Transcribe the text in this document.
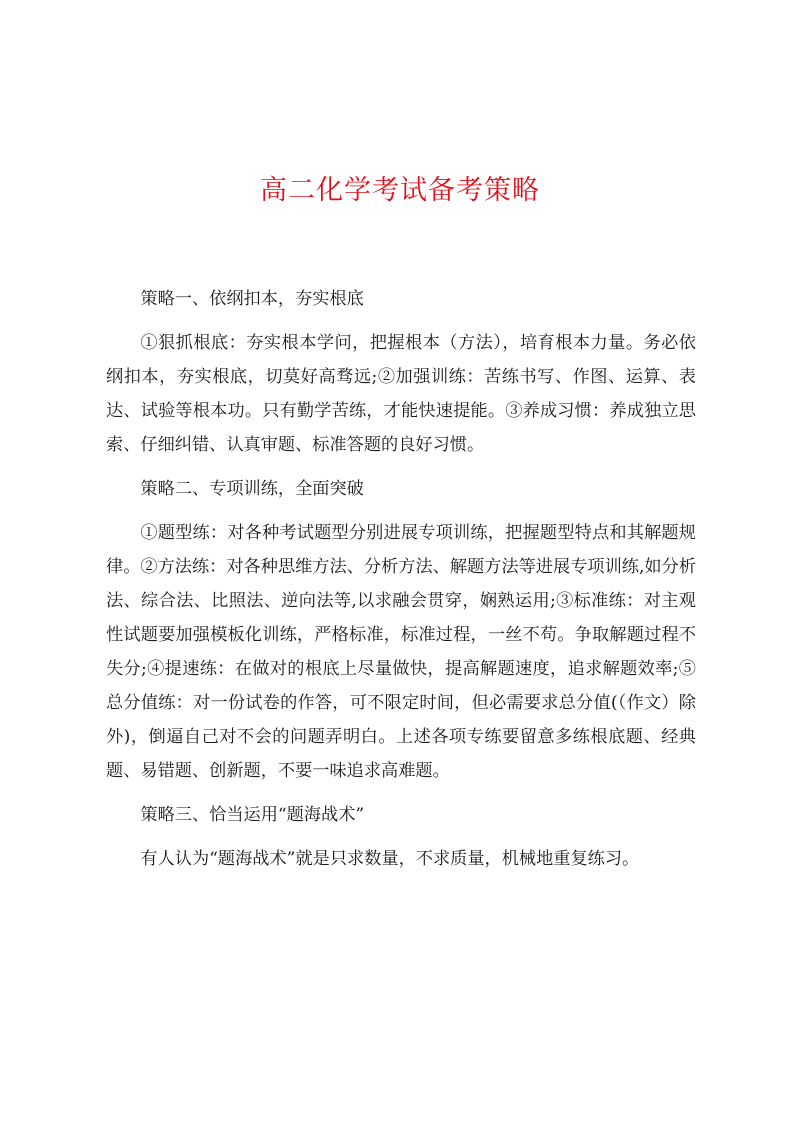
高二化学考试备考策略

策略一、依纲扣本，夯实根底

①狠抓根底：夯实根本学问，把握根本（方法），培育根本力量。务必依纲扣本，夯实根底，切莫好高骛远;②加强训练：苦练书写、作图、运算、表达、试验等根本功。只有勤学苦练，才能快速提能。③养成习惯：养成独立思索、仔细纠错、认真审题、标准答题的良好习惯。

策略二、专项训练，全面突破

①题型练：对各种考试题型分别进展专项训练，把握题型特点和其解题规律。②方法练：对各种思维方法、分析方法、解题方法等进展专项训练,如分析法、综合法、比照法、逆向法等,以求融会贯穿，娴熟运用;③标准练：对主观性试题要加强模板化训练，严格标准，标准过程，一丝不苟。争取解题过程不失分;④提速练：在做对的根底上尽量做快，提高解题速度，追求解题效率;⑤总分值练：对一份试卷的作答，可不限定时间，但必需要求总分值(（作文）除外)，倒逼自己对不会的问题弄明白。上述各项专练要留意多练根底题、经典题、易错题、创新题，不要一味追求高难题。

策略三、恰当运用“题海战术”

有人认为“题海战术”就是只求数量，不求质量，机械地重复练习。
